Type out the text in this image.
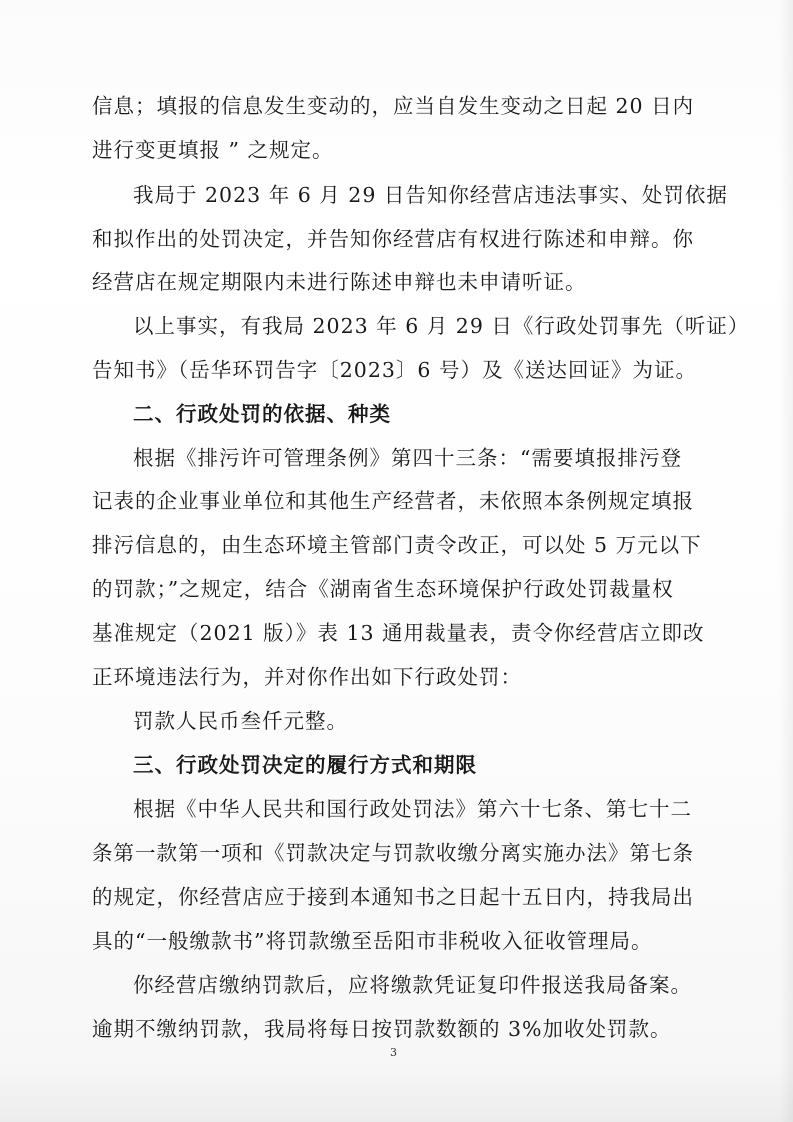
信息；填报的信息发生变动的，应当自发生变动之日起 20 日内
进行变更填报 ” 之规定。
我局于 2023 年 6 月 29 日告知你经营店违法事实、处罚依据
和拟作出的处罚决定，并告知你经营店有权进行陈述和申辩。你
经营店在规定期限内未进行陈述申辩也未申请听证。
以上事实，有我局 2023 年 6 月 29 日《行政处罚事先（听证）
告知书》（岳华环罚告字〔2023〕6 号）及《送达回证》为证。
二、行政处罚的依据、种类
根据《排污许可管理条例》第四十三条：“需要填报排污登
记表的企业事业单位和其他生产经营者，未依照本条例规定填报
排污信息的，由生态环境主管部门责令改正，可以处 5 万元以下
的罚款；”之规定，结合《湖南省生态环境保护行政处罚裁量权
基准规定（2021 版）》表 13 通用裁量表，责令你经营店立即改
正环境违法行为，并对你作出如下行政处罚：
罚款人民币叁仟元整。
三、行政处罚决定的履行方式和期限
根据《中华人民共和国行政处罚法》第六十七条、第七十二
条第一款第一项和《罚款决定与罚款收缴分离实施办法》第七条
的规定，你经营店应于接到本通知书之日起十五日内，持我局出
具的“一般缴款书”将罚款缴至岳阳市非税收入征收管理局。
你经营店缴纳罚款后，应将缴款凭证复印件报送我局备案。
逾期不缴纳罚款，我局将每日按罚款数额的 3%加收处罚款。
3
